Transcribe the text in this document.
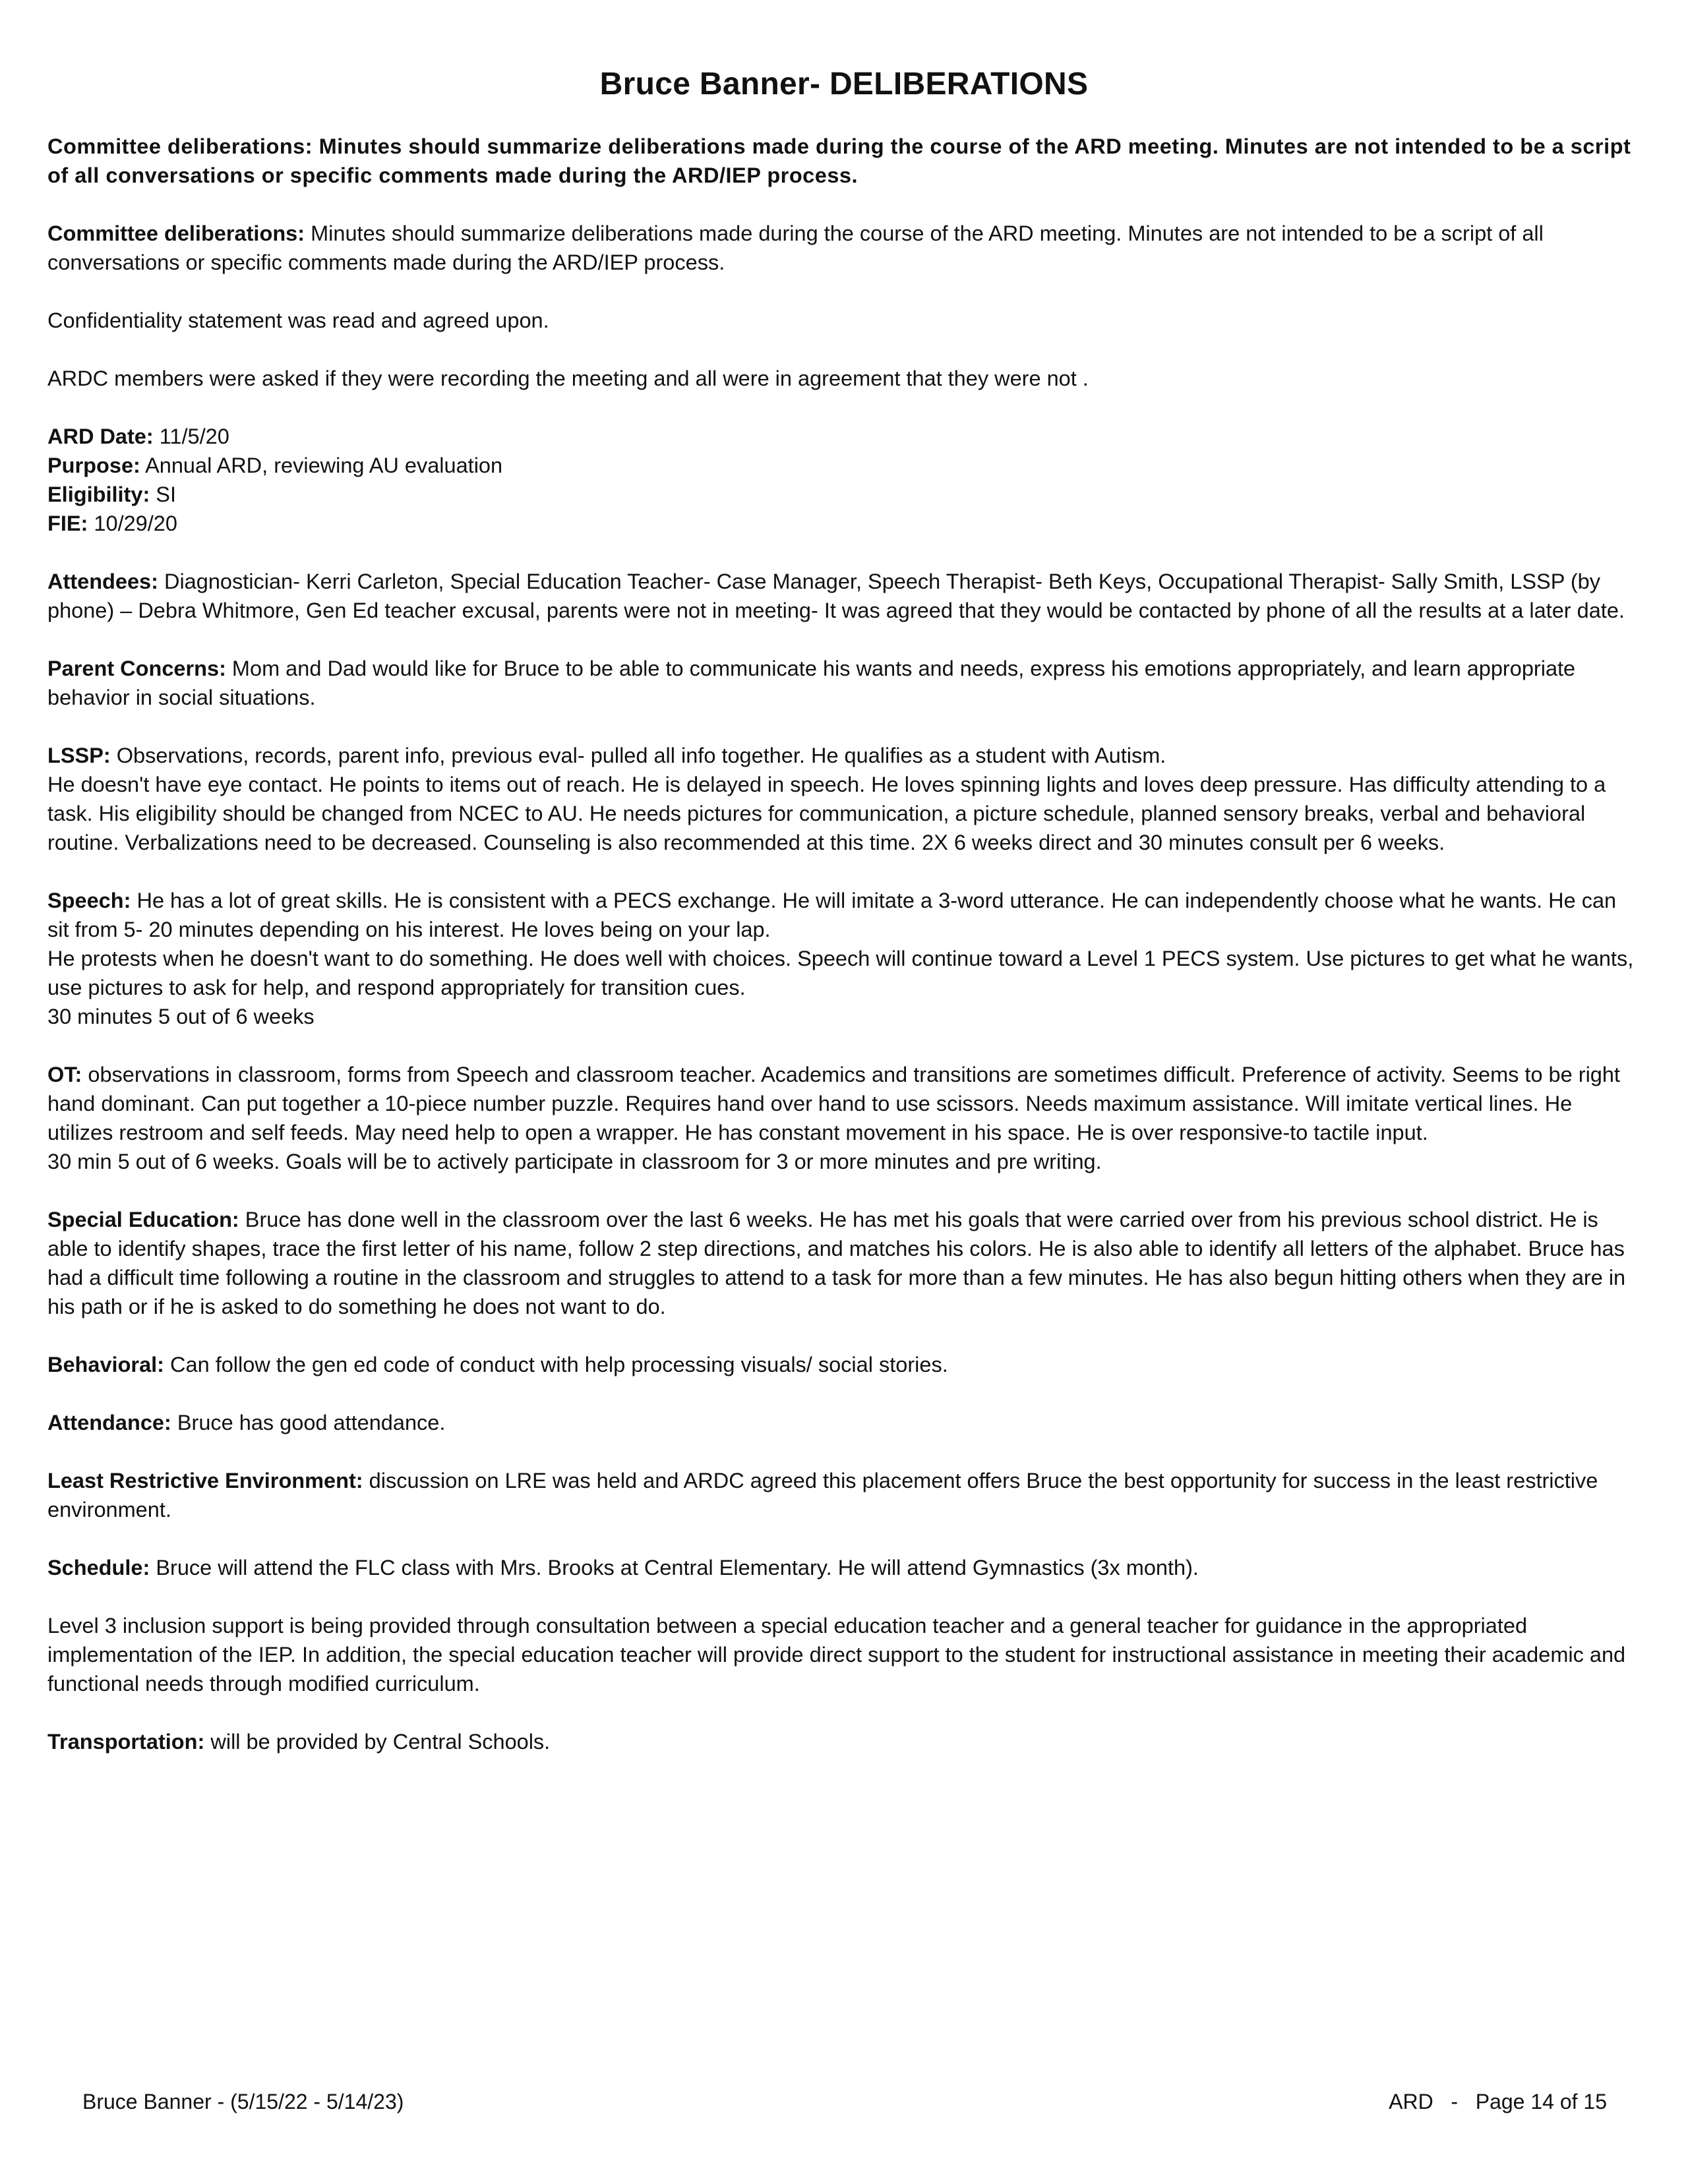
Bruce Banner- DELIBERATIONS

Committee deliberations: Minutes should summarize deliberations made during the course of the ARD meeting. Minutes are not intended to be a script of all conversations or specific comments made during the ARD/IEP process.

Committee deliberations: Minutes should summarize deliberations made during the course of the ARD meeting. Minutes are not intended to be a script of all conversations or specific comments made during the ARD/IEP process.

Confidentiality statement was read and agreed upon.

ARDC members were asked if they were recording the meeting and all were in agreement that they were not .

ARD Date: 11/5/20
Purpose: Annual ARD, reviewing AU evaluation
Eligibility: SI
FIE: 10/29/20

Attendees: Diagnostician- Kerri Carleton, Special Education Teacher- Case Manager, Speech Therapist- Beth Keys, Occupational Therapist- Sally Smith, LSSP (by phone) – Debra Whitmore, Gen Ed teacher excusal, parents were not in meeting- It was agreed that they would be contacted by phone of all the results at a later date.

Parent Concerns: Mom and Dad would like for Bruce to be able to communicate his wants and needs, express his emotions appropriately, and learn appropriate behavior in social situations.

LSSP: Observations, records, parent info, previous eval- pulled all info together. He qualifies as a student with Autism.
He doesn't have eye contact. He points to items out of reach. He is delayed in speech. He loves spinning lights and loves deep pressure. Has difficulty attending to a task. His eligibility should be changed from NCEC to AU. He needs pictures for communication, a picture schedule, planned sensory breaks, verbal and behavioral routine. Verbalizations need to be decreased. Counseling is also recommended at this time. 2X 6 weeks direct and 30 minutes consult per 6 weeks.

Speech: He has a lot of great skills. He is consistent with a PECS exchange. He will imitate a 3-word utterance. He can independently choose what he wants. He can sit from 5- 20 minutes depending on his interest. He loves being on your lap.
He protests when he doesn't want to do something. He does well with choices. Speech will continue toward a Level 1 PECS system. Use pictures to get what he wants, use pictures to ask for help, and respond appropriately for transition cues.
30 minutes 5 out of 6 weeks

OT: observations in classroom, forms from Speech and classroom teacher. Academics and transitions are sometimes difficult. Preference of activity. Seems to be right hand dominant. Can put together a 10-piece number puzzle. Requires hand over hand to use scissors. Needs maximum assistance. Will imitate vertical lines. He utilizes restroom and self feeds. May need help to open a wrapper. He has constant movement in his space. He is over responsive-to tactile input.
30 min 5 out of 6 weeks. Goals will be to actively participate in classroom for 3 or more minutes and pre writing.

Special Education: Bruce has done well in the classroom over the last 6 weeks. He has met his goals that were carried over from his previous school district. He is able to identify shapes, trace the first letter of his name, follow 2 step directions, and matches his colors. He is also able to identify all letters of the alphabet. Bruce has had a difficult time following a routine in the classroom and struggles to attend to a task for more than a few minutes. He has also begun hitting others when they are in his path or if he is asked to do something he does not want to do.

Behavioral: Can follow the gen ed code of conduct with help processing visuals/ social stories.

Attendance: Bruce has good attendance.

Least Restrictive Environment: discussion on LRE was held and ARDC agreed this placement offers Bruce the best opportunity for success in the least restrictive environment.

Schedule: Bruce will attend the FLC class with Mrs. Brooks at Central Elementary. He will attend Gymnastics (3x month).

Level 3 inclusion support is being provided through consultation between a special education teacher and a general teacher for guidance in the appropriated implementation of the IEP. In addition, the special education teacher will provide direct support to the student for instructional assistance in meeting their academic and functional needs through modified curriculum.

Transportation: will be provided by Central Schools.

Bruce Banner - (5/15/22 - 5/14/23)	ARD   -   Page 14 of 15
